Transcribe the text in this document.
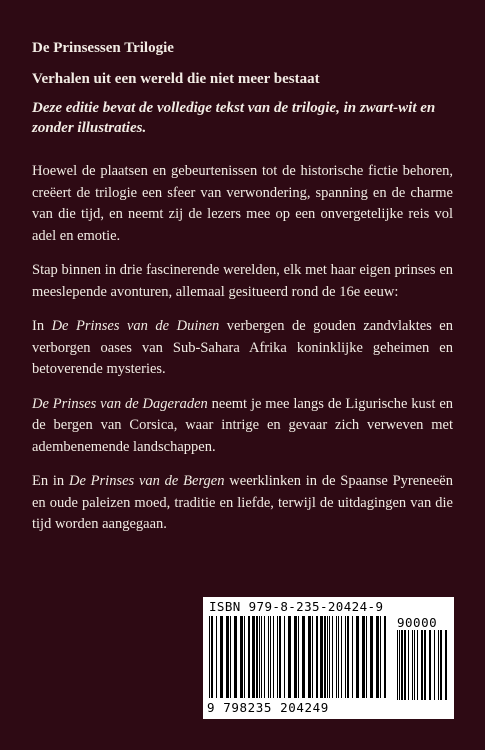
De Prinsessen Trilogie

Verhalen uit een wereld die niet meer bestaat

Deze editie bevat de volledige tekst van de trilogie, in zwart-wit en zonder illustraties.

Hoewel de plaatsen en gebeurtenissen tot de historische fictie behoren, creëert de trilogie een sfeer van verwondering, spanning en de charme van die tijd, en neemt zij de lezers mee op een onvergetelijke reis vol adel en emotie.

Stap binnen in drie fascinerende werelden, elk met haar eigen prinses en meeslepende avonturen, allemaal gesitueerd rond de 16e eeuw:

In De Prinses van de Duinen verbergen de gouden zandvlaktes en verborgen oases van Sub-Sahara Afrika koninklijke geheimen en betoverende mysteries.

De Prinses van de Dageraden neemt je mee langs de Ligurische kust en de bergen van Corsica, waar intrige en gevaar zich verweven met adembenemende landschappen.

En in De Prinses van de Bergen weerklinken in de Spaanse Pyreneeën en oude paleizen moed, traditie en liefde, terwijl de uitdagingen van die tijd worden aangegaan.

ISBN 979-8-235-20424-9
90000
9 798235 204249
